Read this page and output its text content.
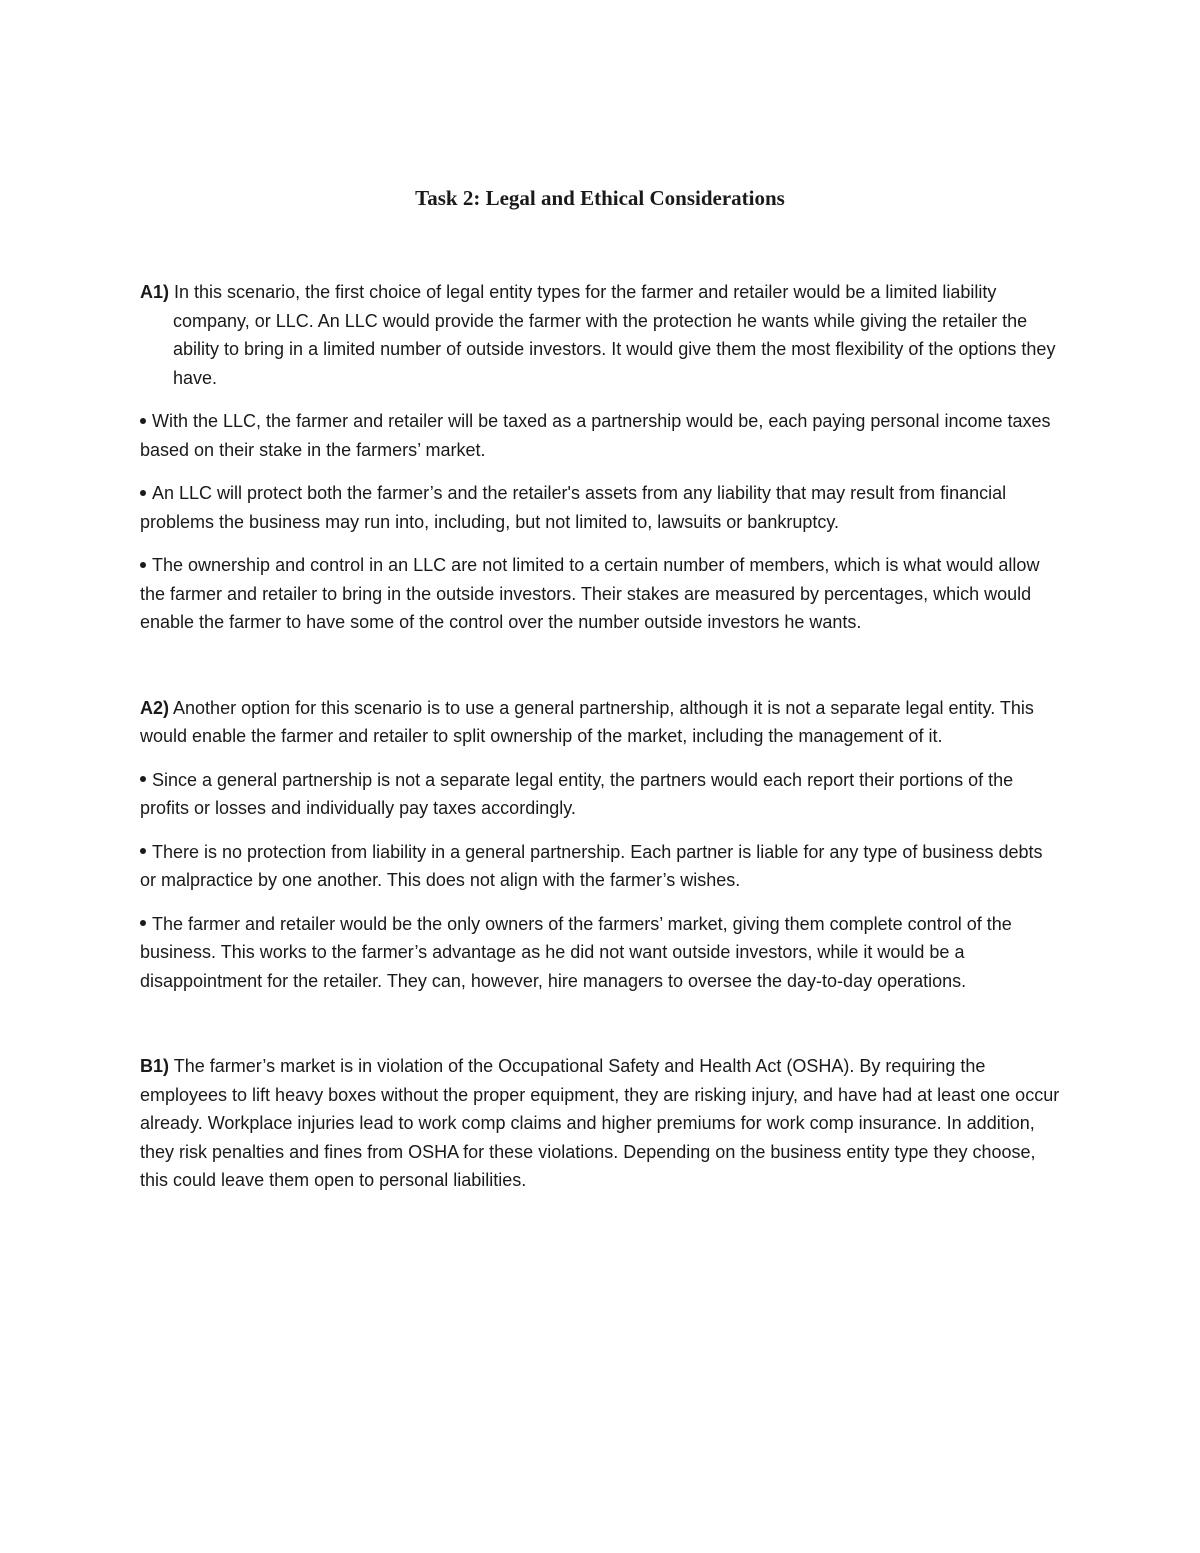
Task 2: Legal and Ethical Considerations

A1) In this scenario, the first choice of legal entity types for the farmer and retailer would be a limited liability company, or LLC. An LLC would provide the farmer with the protection he wants while giving the retailer the ability to bring in a limited number of outside investors. It would give them the most flexibility of the options they have.

With the LLC, the farmer and retailer will be taxed as a partnership would be, each paying personal income taxes based on their stake in the farmers’ market.

An LLC will protect both the farmer’s and the retailer's assets from any liability that may result from financial problems the business may run into, including, but not limited to, lawsuits or bankruptcy.

The ownership and control in an LLC are not limited to a certain number of members, which is what would allow the farmer and retailer to bring in the outside investors. Their stakes are measured by percentages, which would enable the farmer to have some of the control over the number outside investors he wants.

A2) Another option for this scenario is to use a general partnership, although it is not a separate legal entity. This would enable the farmer and retailer to split ownership of the market, including the management of it.

Since a general partnership is not a separate legal entity, the partners would each report their portions of the profits or losses and individually pay taxes accordingly.

There is no protection from liability in a general partnership. Each partner is liable for any type of business debts or malpractice by one another. This does not align with the farmer’s wishes.

The farmer and retailer would be the only owners of the farmers’ market, giving them complete control of the business. This works to the farmer’s advantage as he did not want outside investors, while it would be a disappointment for the retailer. They can, however, hire managers to oversee the day-to-day operations.

B1) The farmer’s market is in violation of the Occupational Safety and Health Act (OSHA). By requiring the employees to lift heavy boxes without the proper equipment, they are risking injury, and have had at least one occur already. Workplace injuries lead to work comp claims and higher premiums for work comp insurance. In addition, they risk penalties and fines from OSHA for these violations. Depending on the business entity type they choose, this could leave them open to personal liabilities.
